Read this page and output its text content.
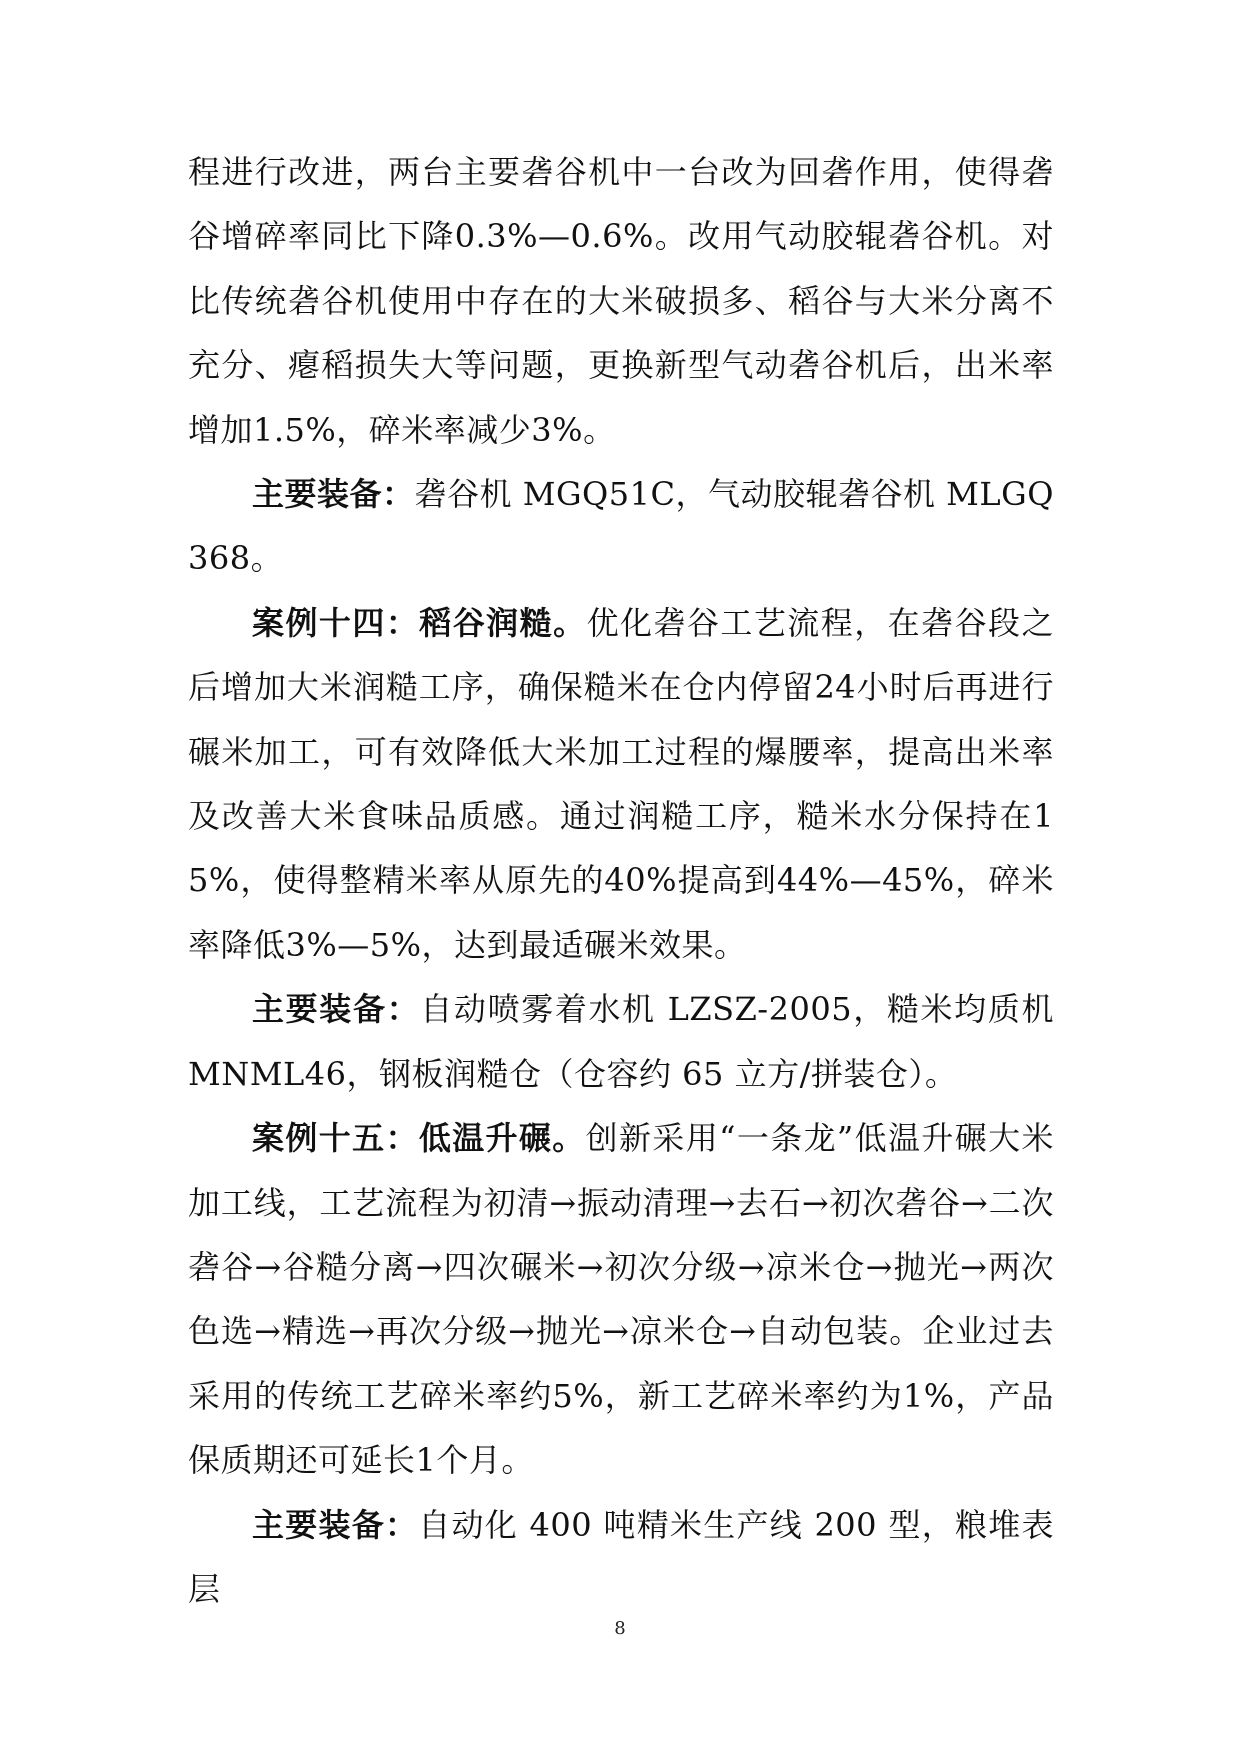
程进行改进，两台主要砻谷机中一台改为回砻作用，使得砻谷增碎率同比下降0.3%—0.6%。改用气动胶辊砻谷机。对比传统砻谷机使用中存在的大米破损多、稻谷与大米分离不充分、瘪稻损失大等问题，更换新型气动砻谷机后，出米率增加1.5%，碎米率减少3%。

主要装备：砻谷机 MGQ51C，气动胶辊砻谷机 MLGQ 368。

案例十四：稻谷润糙。优化砻谷工艺流程，在砻谷段之后增加大米润糙工序，确保糙米在仓内停留24小时后再进行碾米加工，可有效降低大米加工过程的爆腰率，提高出米率及改善大米食味品质感。通过润糙工序，糙米水分保持在15%，使得整精米率从原先的40%提高到44%—45%，碎米率降低3%—5%，达到最适碾米效果。

主要装备：自动喷雾着水机 LZSZ-2005，糙米均质机 MNML46，钢板润糙仓（仓容约 65 立方/拼装仓）。

案例十五：低温升碾。创新采用“一条龙”低温升碾大米加工线，工艺流程为初清→振动清理→去石→初次砻谷→二次砻谷→谷糙分离→四次碾米→初次分级→凉米仓→抛光→两次色选→精选→再次分级→抛光→凉米仓→自动包装。企业过去采用的传统工艺碎米率约5%，新工艺碎米率约为1%，产品保质期还可延长1个月。

主要装备：自动化 400 吨精米生产线 200 型，粮堆表层

8
